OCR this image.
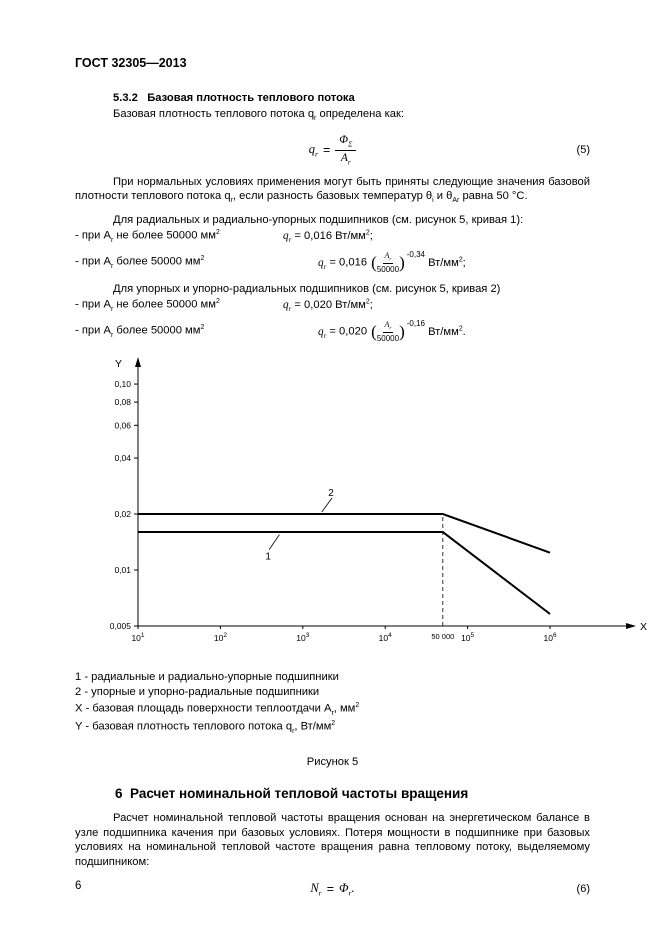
ГОСТ 32305—2013
5.3.2   Базовая плотность теплового потока

Базовая плотность теплового потока $q_r$ определена как:

$q_r = \frac{\Phi_\Sigma}{A_r}$	(5)

При нормальных условиях применения могут быть приняты следующие значения базовой плотности теплового потока $q_r$, если разность базовых температур $\theta_i$ и $\theta_{Ar}$ равна 50 °С.

Для радиальных и радиально-упорных подшипников (см. рисунок 5, кривая 1):
- при $A_r$ не более 50000 $мм^2$	$q_r = 0,016$ $Вт/мм^2$;
- при $A_r$ более 50000 $мм^2$	$q_r = 0,016$ ( $\frac{A_r}{50000}$ ) $^{-0,34}$ $Вт/мм^2$;
Для упорных и упорно-радиальных подшипников (см. рисунок 5, кривая 2)
- при $A_r$ не более 50000 $мм^2$	$q_r = 0,020$ $Вт/мм^2$;
- при $A_r$ более 50000 $мм^2$	$q_r = 0,020$ ( $\frac{A_r}{50000}$ ) $^{-0,16}$ $Вт/мм^2$.
Y
X
0,005
0,01
0,02
0,04
0,06
0,08
0,10
$10^1$	$10^2$	$10^3$	$10^4$	$10^5$	$10^6$
50 000
2
1
1 - радиальные и радиально-упорные подшипники
2 - упорные и упорно-радиальные подшипники
X - базовая площадь поверхности теплоотдачи $A_r$, $мм^2$
Y - базовая плотность теплового потока $q_r$, $Вт/мм^2$
Рисунок 5
6  Расчет номинальной тепловой частоты вращения

Расчет номинальной тепловой частоты вращения основан на энергетическом балансе в узле подшипника качения при базовых условиях. Потеря мощности в подшипнике при базовых условиях на номинальной тепловой частоте вращения равна тепловому потоку, выделяемому подшипником:

$N_r = \Phi_r$.	(6)
6
